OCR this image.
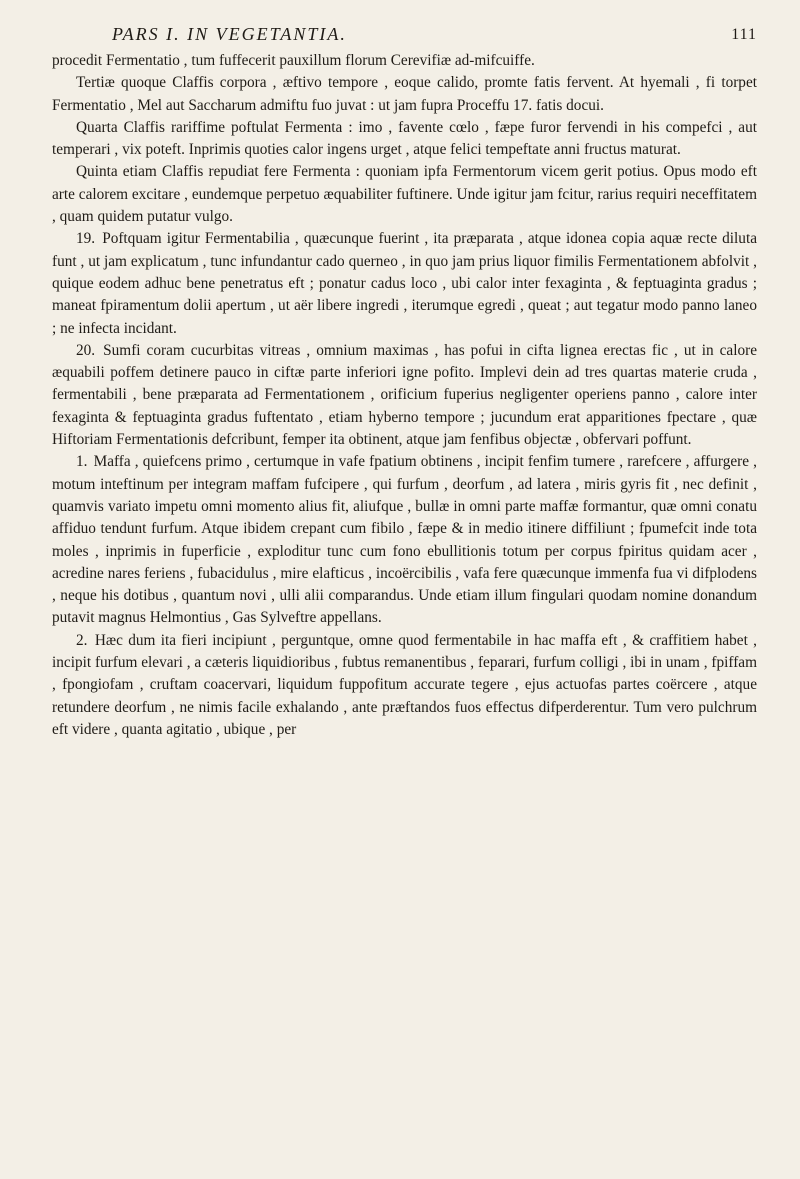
PARS I. IN VEGETANTIA.	111

procedit Fermentatio , tum fuffecerit pauxillum florum Cerevifiæ ad-mifcuiffe.

Tertiæ quoque Claffis corpora , æftivo tempore , eoque calido, promte fatis fervent. At hyemali , fi torpet Fermentatio , Mel aut Saccharum admiftu fuo juvat : ut jam fupra Proceffu 17. fatis docui.

Quarta Claffis rariffime poftulat Fermenta : imo , favente cœlo , fæpe furor fervendi in his compefci , aut temperari , vix poteft. Inprimis quoties calor ingens urget , atque felici tempeftate anni fructus maturat.

Quinta etiam Claffis repudiat fere Fermenta : quoniam ipfa Fermentorum vicem gerit potius. Opus modo eft arte calorem excitare , eundemque perpetuo æquabiliter fuftinere. Unde igitur jam fcitur, rarius requiri neceffitatem , quam quidem putatur vulgo.

19. Poftquam igitur Fermentabilia , quæcunque fuerint , ita præparata , atque idonea copia aquæ recte diluta funt , ut jam explicatum , tunc infundantur cado querneo , in quo jam prius liquor fimilis Fermentationem abfolvit , quique eodem adhuc bene penetratus eft ; ponatur cadus loco , ubi calor inter fexaginta , & feptuaginta gradus ; maneat fpiramentum dolii apertum , ut aër libere ingredi , iterumque egredi , queat ; aut tegatur modo panno laneo ; ne infecta incidant.

20. Sumfi coram cucurbitas vitreas , omnium maximas , has pofui in cifta lignea erectas fic , ut in calore æquabili poffem detinere pauco in ciftæ parte inferiori igne pofito. Implevi dein ad tres quartas materie cruda , fermentabili , bene præparata ad Fermentationem , orificium fuperius negligenter operiens panno , calore inter fexaginta & feptuaginta gradus fuftentato , etiam hyberno tempore ; jucundum erat apparitiones fpectare , quæ Hiftoriam Fermentationis defcribunt, femper ita obtinent, atque jam fenfibus objectæ , obfervari poffunt.

1. Maffa , quiefcens primo , certumque in vafe fpatium obtinens , incipit fenfim tumere , rarefcere , affurgere , motum inteftinum per integram maffam fufcipere , qui furfum , deorfum , ad latera , miris gyris fit , nec definit , quamvis variato impetu omni momento alius fit, aliufque , bullæ in omni parte maffæ formantur, quæ omni conatu affiduo tendunt furfum. Atque ibidem crepant cum fibilo , fæpe & in medio itinere diffiliunt ; fpumefcit inde tota moles , inprimis in fuperficie , exploditur tunc cum fono ebullitionis totum per corpus fpiritus quidam acer , acredine nares feriens , fubacidulus , mire elafticus , incoërcibilis , vafa fere quæcunque immenfa fua vi difplodens , neque his dotibus , quantum novi , ulli alii comparandus. Unde etiam illum fingulari quodam nomine donandum putavit magnus Helmontius , Gas Sylveftre appellans.

2. Hæc dum ita fieri incipiunt , perguntque, omne quod fermentabile in hac maffa eft , & craffitiem habet , incipit furfum elevari , a cæteris liquidioribus , fubtus remanentibus , feparari, furfum colligi , ibi in unam , fpiffam , fpongiofam , cruftam coacervari, liquidum fuppofitum accurate tegere , ejus actuofas partes coërcere , atque retundere deorfum , ne nimis facile exhalando , ante præftandos fuos effectus difperderentur. Tum vero pulchrum eft videre , quanta agitatio , ubique , per
